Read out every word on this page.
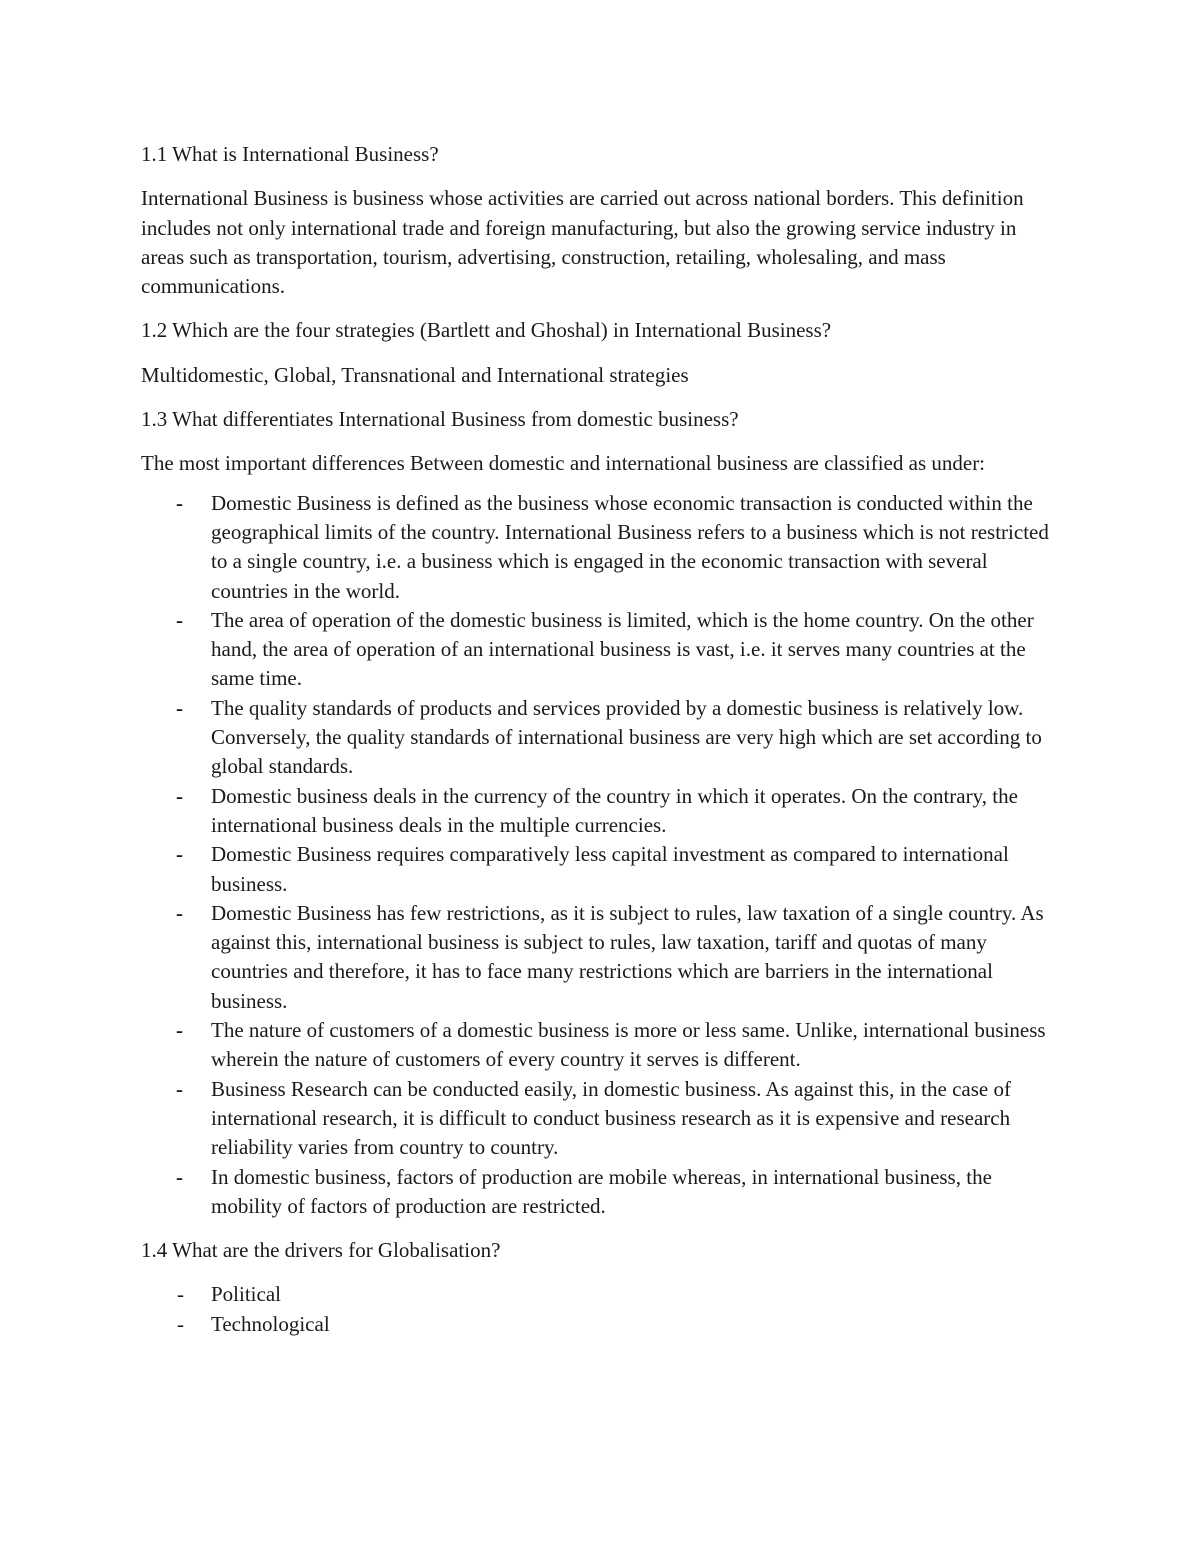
1.1 What is International Business?

International Business is business whose activities are carried out across national borders. This definition includes not only international trade and foreign manufacturing, but also the growing service industry in areas such as transportation, tourism, advertising, construction, retailing, wholesaling, and mass communications.

1.2 Which are the four strategies (Bartlett and Ghoshal) in International Business?

Multidomestic, Global, Transnational and International strategies

1.3 What differentiates International Business from domestic business?

The most important differences Between domestic and international business are classified as under:

- Domestic Business is defined as the business whose economic transaction is conducted within the geographical limits of the country. International Business refers to a business which is not restricted to a single country, i.e. a business which is engaged in the economic transaction with several countries in the world.
- The area of operation of the domestic business is limited, which is the home country. On the other hand, the area of operation of an international business is vast, i.e. it serves many countries at the same time.
- The quality standards of products and services provided by a domestic business is relatively low. Conversely, the quality standards of international business are very high which are set according to global standards.
- Domestic business deals in the currency of the country in which it operates. On the contrary, the international business deals in the multiple currencies.
- Domestic Business requires comparatively less capital investment as compared to international business.
- Domestic Business has few restrictions, as it is subject to rules, law taxation of a single country. As against this, international business is subject to rules, law taxation, tariff and quotas of many countries and therefore, it has to face many restrictions which are barriers in the international business.
- The nature of customers of a domestic business is more or less same. Unlike, international business wherein the nature of customers of every country it serves is different.
- Business Research can be conducted easily, in domestic business. As against this, in the case of international research, it is difficult to conduct business research as it is expensive and research reliability varies from country to country.
- In domestic business, factors of production are mobile whereas, in international business, the mobility of factors of production are restricted.

1.4 What are the drivers for Globalisation?

- Political
- Technological
